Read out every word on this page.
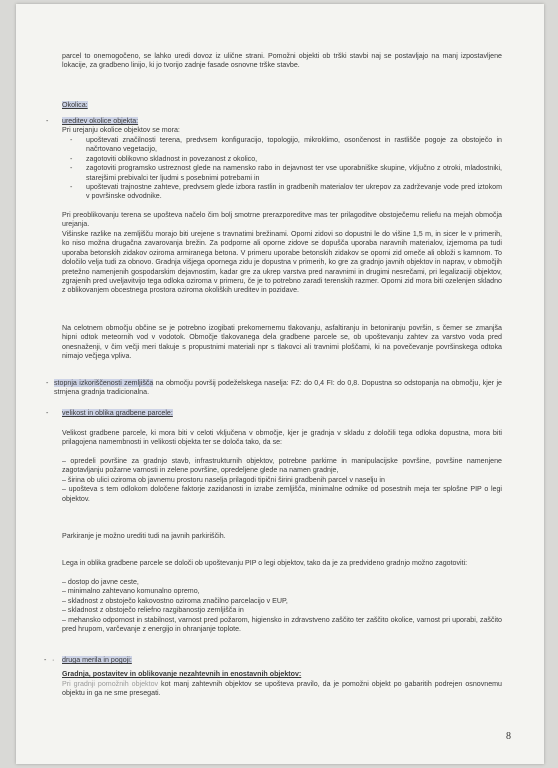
parcel to onemogočeno, se lahko uredi dovoz iz ulične strani. Pomožni objekti ob trški stavbi naj se postavljajo na manj izpostavljene lokacije, za gradbeno linijo, ki jo tvorijo zadnje fasade osnovne trške stavbe.

Okolica:
- ureditev okolice objekta:

Pri urejanju okolice objektov se mora:

- upoštevati značilnosti terena, predvsem konfiguracijo, topologijo, mikroklimo, osončenost in rastlišče pogoje za obstoječo in načrtovano vegetacijo,
- zagotoviti oblikovno skladnost in povezanost z okolico,
- zagotoviti programsko ustreznost glede na namensko rabo in dejavnost ter vse uporabniške skupine, vključno z otroki, mladostniki, starejšimi prebivalci ter ljudmi s posebnimi potrebami in
- upoštevati trajnostne zahteve, predvsem glede izbora rastlin in gradbenih materialov ter ukrepov za zadrževanje vode pred iztokom v površinske odvodnike.

Pri preoblikovanju terena se upošteva načelo čim bolj smotrne prerazporeditve mas ter prilagoditve obstoječemu reliefu na mejah območja urejanja.

Višinske razlike na zemljišču morajo biti urejene s travnatimi brežinami. Oporni zidovi so dopustni le do višine 1,5 m, in sicer le v primerih, ko niso možna drugačna zavarovanja brežin. Za podporne ali oporne zidove se dopušča uporaba naravnih materialov, izjemoma pa tudi uporaba betonskih zidakov oziroma armiranega betona. V primeru uporabe betonskih zidakov se oporni zid omeče ali obloži s kamnom. To določilo velja tudi za obnovo. Gradnja višjega opornega zidu je dopustna v primerih, ko gre za gradnjo javnih objektov in naprav, v območjih pretežno namenjenih gospodarskim dejavnostim, kadar gre za ukrep varstva pred naravnimi in drugimi nesrečami, pri legalizaciji objektov, zgrajenih pred uveljavitvijo tega odloka oziroma v primeru, če je to potrebno zaradi terenskih razmer. Oporni zid mora biti ozelenjen skladno z oblikovanjem obcestnega prostora oziroma okoliških ureditev in pozidave.

Na celotnem območju občine se je potrebno izogibati prekomernemu tlakovanju, asfaltiranju in betoniranju površin, s čemer se zmanjša hipni odtok meteornih vod v vodotok. Območje tlakovanega dela gradbene parcele se, ob upoštevanju zahtev za varstvo voda pred onesnaženji, v čim večji meri tlakuje s propustnimi materiali npr s tlakovci ali travnimi ploščami, ki na povečevanje površinskega odtoka nimajo večjega vpliva.

- stopnja izkoriščenosti zemljišča na območju površij podeželskega naselja: FZ: do 0,4 FI: do 0,8. Dopustna so odstopanja na območju, kjer je strnjena gradnja tradicionalna.

- velikost in oblika gradbene parcele:

Velikost gradbene parcele, ki mora biti v celoti vključena v območje, kjer je gradnja v skladu z določili tega odloka dopustna, mora biti prilagojena namembnosti in velikosti objekta ter se določa tako, da se:

– opredeli površine za gradnjo stavb, infrastrukturnih objektov, potrebne parkirne in manipulacijske površine, površine namenjene zagotavljanju požarne varnosti in zelene površine, opredeljene glede na namen gradnje,
– širina ob ulici oziroma ob javnemu prostoru naselja prilagodi tipični širini gradbenih parcel v naselju in
– upošteva s tem odlokom določene faktorje zazidanosti in izrabe zemljišča, minimalne odmike od posestnih meja ter splošne PIP o legi objektov.

Parkiranje je možno urediti tudi na javnih parkiriščih.

Lega in oblika gradbene parcele se določi ob upoštevanju PIP o legi objektov, tako da je za predvideno gradnjo možno zagotoviti:

– dostop do javne ceste,
– minimalno zahtevano komunalno opremo,
– skladnost z obstoječo kakovostno oziroma značilno parcelacijo v EUP,
– skladnost z obstoječo reliefno razgibanostjo zemljišča in
– mehansko odpornost in stabilnost, varnost pred požarom, higiensko in zdravstveno zaščito ter zaščito okolice, varnost pri uporabi, zaščito pred hrupom, varčevanje z energijo in ohranjanje toplote.
- · druga merila in pogoji:

Gradnja, postavitev in oblikovanje nezahtevnih in enostavnih objektov:

Pri gradnji pomožnih objektov kot manj zahtevnih objektov se upošteva pravilo, da je pomožni objekt po gabaritih podrejen osnovnemu objektu in ga ne sme presegati.

8
